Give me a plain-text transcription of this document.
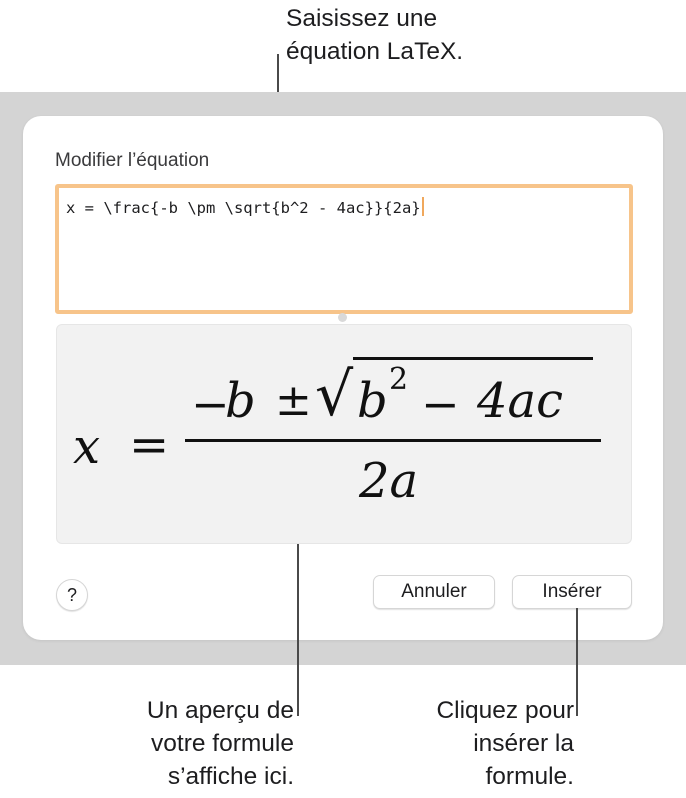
Saisissez une
équation LaTeX.
Modifier l’équation
x = \frac{-b \pm \sqrt{b^2 - 4ac}}{2a}
x =
−
b ± √ b 2 − 4ac
2a
?	Annuler	Insérer
Un aperçu de
votre formule
s’affiche ici.
Cliquez pour
insérer la
formule.
